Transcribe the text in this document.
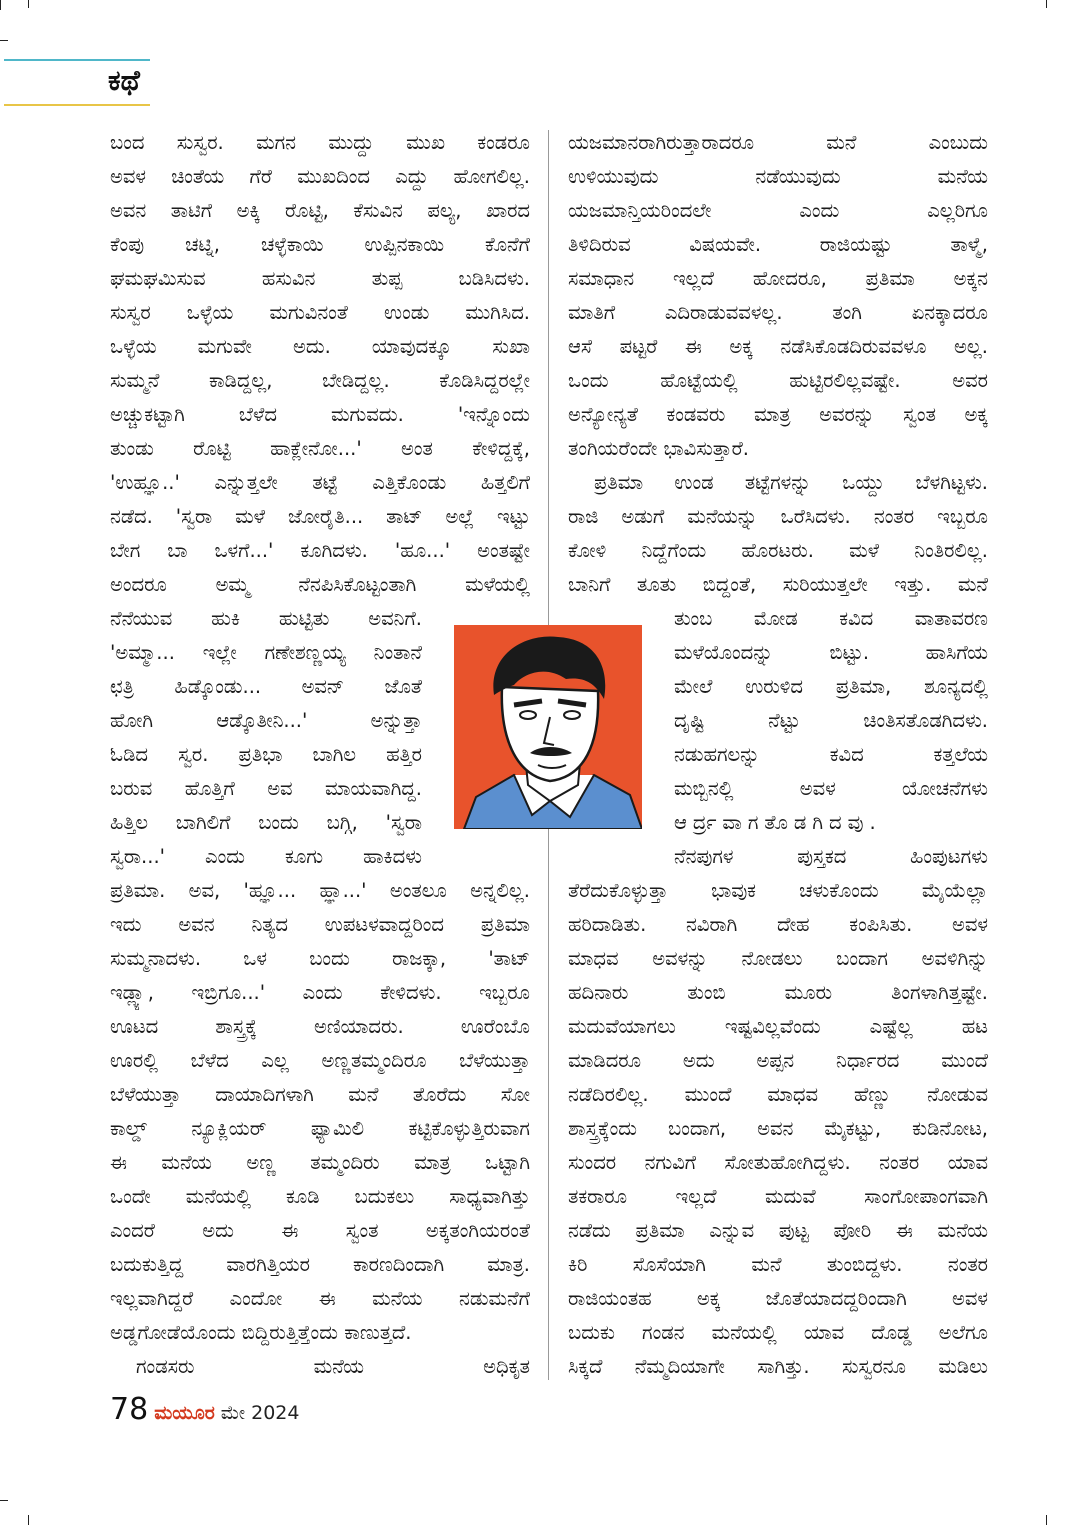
ಕಥೆ
ಬಂದ ಸುಸ್ವರ. ಮಗನ ಮುದ್ದು ಮುಖ ಕಂಡರೂ
ಅವಳ ಚಿಂತೆಯ ಗೆರೆ ಮುಖದಿಂದ ಎದ್ದು ಹೋಗಲಿಲ್ಲ.
ಅವನ ತಾಟಿಗೆ ಅಕ್ಕಿ ರೊಟ್ಟಿ, ಕೆಸುವಿನ ಪಲ್ಯ, ಖಾರದ
ಕೆಂಪು ಚಟ್ನಿ, ಚಳ್ಳೆಕಾಯಿ ಉಪ್ಪಿನಕಾಯಿ ಕೊನೆಗೆ
ಘಮಘಮಿಸುವ ಹಸುವಿನ ತುಪ್ಪ ಬಡಿಸಿದಳು.
ಸುಸ್ವರ ಒಳ್ಳೆಯ ಮಗುವಿನಂತೆ ಉಂಡು ಮುಗಿಸಿದ.
ಒಳ್ಳೆಯ ಮಗುವೇ ಅದು. ಯಾವುದಕ್ಕೂ ಸುಖಾ
ಸುಮ್ಮನೆ ಕಾಡಿದ್ದಲ್ಲ, ಬೇಡಿದ್ದಲ್ಲ. ಕೊಡಿಸಿದ್ದರಲ್ಲೇ
ಅಚ್ಚುಕಟ್ಟಾಗಿ ಬೆಳೆದ ಮಗುವದು. 'ಇನ್ನೊಂದು
ತುಂಡು ರೊಟ್ಟಿ ಹಾಕ್ಲೇನೋ...' ಅಂತ ಕೇಳಿದ್ದಕ್ಕೆ,
'ಉಹ್ಞೂ..' ಎನ್ನುತ್ತಲೇ ತಟ್ಟೆ ಎತ್ತಿಕೊಂಡು ಹಿತ್ತಲಿಗೆ
ನಡೆದ. 'ಸ್ವರಾ ಮಳೆ ಜೋರೈತಿ... ತಾಟ್ ಅಲ್ಲೆ ಇಟ್ಟು
ಬೇಗ ಬಾ ಒಳಗೆ...' ಕೂಗಿದಳು. 'ಹೂ...' ಅಂತಷ್ಟೇ
ಅಂದರೂ ಅಮ್ಮ ನೆನಪಿಸಿಕೊಟ್ಟಂತಾಗಿ ಮಳೆಯಲ್ಲಿ
ನೆನೆಯುವ ಹುಕಿ ಹುಟ್ಟಿತು ಅವನಿಗೆ.
'ಅಮ್ಮಾ... ಇಲ್ಲೇ ಗಣೇಶಣ್ಣಯ್ಯ ನಿಂತಾನೆ
ಛತ್ರಿ ಹಿಡ್ಕೊಂಡು... ಅವನ್ ಜೊತೆ
ಹೋಗಿ ಆಡ್ಕೊತೀನಿ...' ಅನ್ನುತ್ತಾ
ಓಡಿದ ಸ್ವರ. ಪ್ರತಿಭಾ ಬಾಗಿಲ ಹತ್ತಿರ
ಬರುವ ಹೊತ್ತಿಗೆ ಅವ ಮಾಯವಾಗಿದ್ದ.
ಹಿತ್ತಿಲ ಬಾಗಿಲಿಗೆ ಬಂದು ಬಗ್ಗಿ, 'ಸ್ವರಾ
ಸ್ವರಾ...' ಎಂದು ಕೂಗು ಹಾಕಿದಳು
ಪ್ರತಿಮಾ. ಅವ, 'ಹ್ಞೂ... ಹ್ಞಾ...' ಅಂತಲೂ ಅನ್ನಲಿಲ್ಲ.
ಇದು ಅವನ ನಿತ್ಯದ ಉಪಟಳವಾದ್ದರಿಂದ ಪ್ರತಿಮಾ
ಸುಮ್ಮನಾದಳು. ಒಳ ಬಂದು ರಾಜಕ್ಕಾ, 'ತಾಟ್
ಇಡ್ಲ್ಯಾ, ಇಬ್ರಿಗೂ...' ಎಂದು ಕೇಳಿದಳು. ಇಬ್ಬರೂ
ಊಟದ ಶಾಸ್ತ್ರಕ್ಕೆ ಅಣಿಯಾದರು. ಊರೆಂಬೊ
ಊರಲ್ಲಿ ಬೆಳೆದ ಎಲ್ಲ ಅಣ್ಣತಮ್ಮಂದಿರೂ ಬೆಳೆಯುತ್ತಾ
ಬೆಳೆಯುತ್ತಾ ದಾಯಾದಿಗಳಾಗಿ ಮನೆ ತೊರೆದು ಸೋ
ಕಾಲ್ಡ್ ನ್ಯೂಕ್ಲಿಯರ್ ಫ್ಯಾಮಿಲಿ ಕಟ್ಟಿಕೊಳ್ಳುತ್ತಿರುವಾಗ
ಈ ಮನೆಯ ಅಣ್ಣ ತಮ್ಮಂದಿರು ಮಾತ್ರ ಒಟ್ಟಾಗಿ
ಒಂದೇ ಮನೆಯಲ್ಲಿ ಕೂಡಿ ಬದುಕಲು ಸಾಧ್ಯವಾಗಿತ್ತು
ಎಂದರೆ ಅದು ಈ ಸ್ವಂತ ಅಕ್ಕತಂಗಿಯರಂತೆ
ಬದುಕುತ್ತಿದ್ದ ವಾರಗಿತ್ತಿಯರ ಕಾರಣದಿಂದಾಗಿ ಮಾತ್ರ.
ಇಲ್ಲವಾಗಿದ್ದರೆ ಎಂದೋ ಈ ಮನೆಯ ನಡುಮನೆಗೆ
ಅಡ್ಡಗೋಡೆಯೊಂದು ಬಿದ್ದಿರುತ್ತಿತ್ತೆಂದು ಕಾಣುತ್ತದೆ.
ಗಂಡಸರು ಮನೆಯ ಅಧಿಕೃತ
ಯಜಮಾನರಾಗಿರುತ್ತಾರಾದರೂ ಮನೆ ಎಂಬುದು
ಉಳಿಯುವುದು ನಡೆಯುವುದು ಮನೆಯ
ಯಜಮಾನ್ತಿಯರಿಂದಲೇ ಎಂದು ಎಲ್ಲರಿಗೂ
ತಿಳಿದಿರುವ ವಿಷಯವೇ. ರಾಜಿಯಷ್ಟು ತಾಳ್ಮೆ,
ಸಮಾಧಾನ ಇಲ್ಲದೆ ಹೋದರೂ, ಪ್ರತಿಮಾ ಅಕ್ಕನ
ಮಾತಿಗೆ ಎದಿರಾಡುವವಳಲ್ಲ. ತಂಗಿ ಏನಕ್ಕಾದರೂ
ಆಸೆ ಪಟ್ಟರೆ ಈ ಅಕ್ಕ ನಡೆಸಿಕೊಡದಿರುವವಳೂ ಅಲ್ಲ.
ಒಂದು ಹೊಟ್ಟೆಯಲ್ಲಿ ಹುಟ್ಟಿರಲಿಲ್ಲವಷ್ಟೇ. ಅವರ
ಅನ್ಯೋನ್ಯತೆ ಕಂಡವರು ಮಾತ್ರ ಅವರನ್ನು ಸ್ವಂತ ಅಕ್ಕ
ತಂಗಿಯರೆಂದೇ ಭಾವಿಸುತ್ತಾರೆ.
ಪ್ರತಿಮಾ ಉಂಡ ತಟ್ಟೆಗಳನ್ನು ಒಯ್ದು ಬೆಳಗಿಟ್ಟಳು.
ರಾಜಿ ಅಡುಗೆ ಮನೆಯನ್ನು ಒರೆಸಿದಳು. ನಂತರ ಇಬ್ಬರೂ
ಕೋಳಿ ನಿದ್ದೆಗೆಂದು ಹೊರಟರು. ಮಳೆ ನಿಂತಿರಲಿಲ್ಲ.
ಬಾನಿಗೆ ತೂತು ಬಿದ್ದಂತೆ, ಸುರಿಯುತ್ತಲೇ ಇತ್ತು. ಮನೆ
ತುಂಬ ಮೋಡ ಕವಿದ ವಾತಾವರಣ
ಮಳೆಯೊಂದನ್ನು ಬಿಟ್ಟು. ಹಾಸಿಗೆಯ
ಮೇಲೆ ಉರುಳಿದ ಪ್ರತಿಮಾ, ಶೂನ್ಯದಲ್ಲಿ
ದೃಷ್ಟಿ ನೆಟ್ಟು ಚಿಂತಿಸತೊಡಗಿದಳು.
ನಡುಹಗಲನ್ನು ಕವಿದ ಕತ್ತಲೆಯ
ಮಬ್ಬಿನಲ್ಲಿ ಅವಳ ಯೋಚನೆಗಳು
ಆರ್ದ್ರವಾಗತೊಡಗಿದವು.
ನೆನಪುಗಳ ಪುಸ್ತಕದ ಹಿಂಪುಟಗಳು
ತೆರೆದುಕೊಳ್ಳುತ್ತಾ ಭಾವುಕ ಚಳುಕೊಂದು ಮೈಯೆಲ್ಲಾ
ಹರಿದಾಡಿತು. ನವಿರಾಗಿ ದೇಹ ಕಂಪಿಸಿತು. ಅವಳ
ಮಾಧವ ಅವಳನ್ನು ನೋಡಲು ಬಂದಾಗ ಅವಳಿಗಿನ್ನು
ಹದಿನಾರು ತುಂಬಿ ಮೂರು ತಿಂಗಳಾಗಿತ್ತಷ್ಟೇ.
ಮದುವೆಯಾಗಲು ಇಷ್ಟವಿಲ್ಲವೆಂದು ಎಷ್ಟೆಲ್ಲ ಹಟ
ಮಾಡಿದರೂ ಅದು ಅಪ್ಪನ ನಿರ್ಧಾರದ ಮುಂದೆ
ನಡೆದಿರಲಿಲ್ಲ. ಮುಂದೆ ಮಾಧವ ಹೆಣ್ಣು ನೋಡುವ
ಶಾಸ್ತ್ರಕ್ಕೆಂದು ಬಂದಾಗ, ಅವನ ಮೈಕಟ್ಟು, ಕುಡಿನೋಟ,
ಸುಂದರ ನಗುವಿಗೆ ಸೋತುಹೋಗಿದ್ದಳು. ನಂತರ ಯಾವ
ತಕರಾರೂ ಇಲ್ಲದೆ ಮದುವೆ ಸಾಂಗೋಪಾಂಗವಾಗಿ
ನಡೆದು ಪ್ರತಿಮಾ ಎನ್ನುವ ಪುಟ್ಟ ಪೋರಿ ಈ ಮನೆಯ
ಕಿರಿ ಸೊಸೆಯಾಗಿ ಮನೆ ತುಂಬಿದ್ದಳು. ನಂತರ
ರಾಜಿಯಂತಹ ಅಕ್ಕ ಜೊತೆಯಾದದ್ದರಿಂದಾಗಿ ಅವಳ
ಬದುಕು ಗಂಡನ ಮನೆಯಲ್ಲಿ ಯಾವ ದೊಡ್ಡ ಅಲೆಗೂ
ಸಿಕ್ಕದೆ ನೆಮ್ಮದಿಯಾಗೇ ಸಾಗಿತ್ತು. ಸುಸ್ವರನೂ ಮಡಿಲು
78 ಮಯೂರ ಮೇ 2024
